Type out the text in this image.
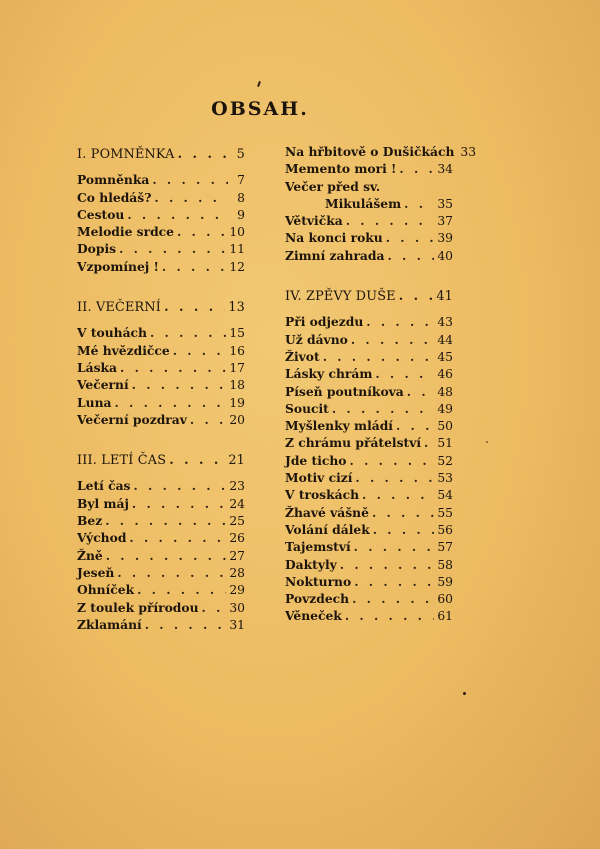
OBSAH.
I. POMNĚNKA . . .	5
Pomněnka . . .	7
Co hledáš? . . .	8
Cestou . . .	9
Melodie srdce . . .	10
Dopis . . .	11
Vzpomínej ! . . .	12
II. VEČERNÍ . . .	13
V touhách . . .	15
Mé hvězdičce . . .	16
Láska . . .	17
Večerní . . .	18
Luna . . .	19
Večerní pozdrav . . .	20
III. LETÍ ČAS . . .	21
Letí čas . . .	23
Byl máj . . .	24
Bez . . .	25
Východ . . .	26
Žně . . .	27
Jeseň . . .	28
Ohníček . . .	29
Z toulek přírodou . . .	30
Zklamání . . .	31
Na hřbitově o Dušičkách 33
Memento mori ! . . .	34
Večer před sv.
Mikulášem . . .	35
Větvička . . .	37
Na konci roku . . .	39
Zimní zahrada . . .	40
IV. ZPĚVY DUŠE . . .	41
Při odjezdu . . .	43
Už dávno . . .	44
Život . . .	45
Lásky chrám . . .	46
Píseň poutníkova . . .	48
Soucit . . .	49
Myšlenky mládí . . .	50
Z chrámu přátelství . . . 51
Jde ticho . . .	52
Motiv cizí . . .	53
V troskách . . .	54
Žhavé vášně . . .	55
Volání dálek . . .	56
Tajemství . . .	57
Daktyly . . .	58
Nokturno . . .	59
Povzdech . . .	60
Věneček . . .	61
